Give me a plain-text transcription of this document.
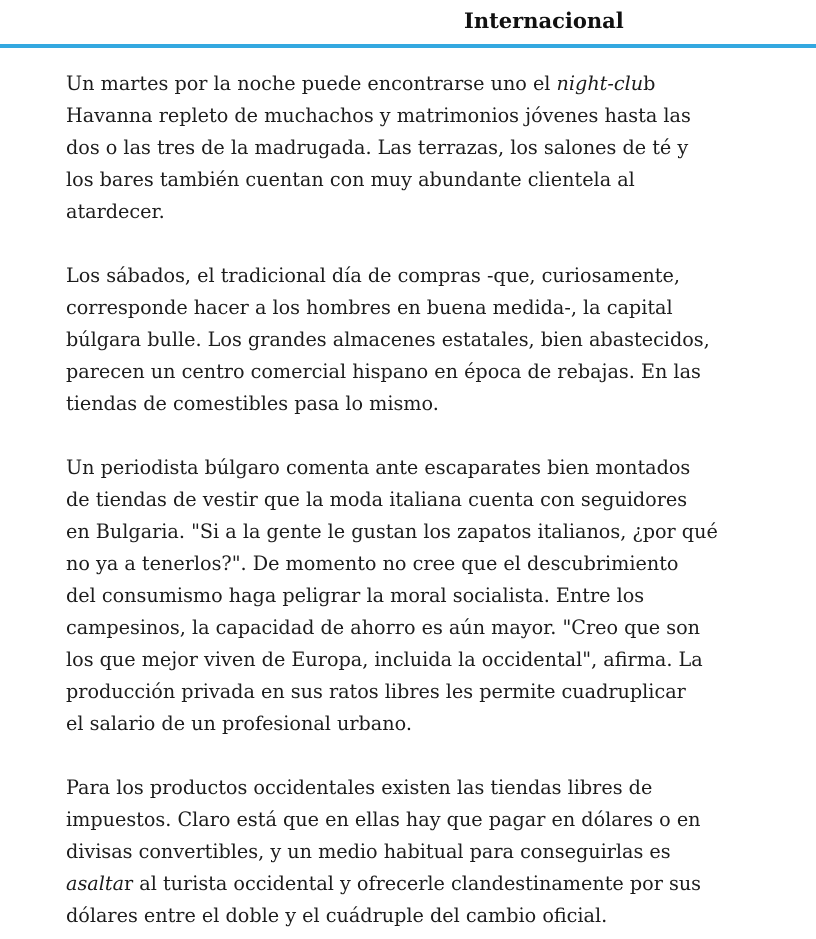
Internacional

Un martes por la noche puede encontrarse uno el night-club
Havanna repleto de muchachos y matrimonios jóvenes hasta las
dos o las tres de la madrugada. Las terrazas, los salones de té y
los bares también cuentan con muy abundante clientela al
atardecer.

Los sábados, el tradicional día de compras -que, curiosamente,
corresponde hacer a los hombres en buena medida-, la capital
búlgara bulle. Los grandes almacenes estatales, bien abastecidos,
parecen un centro comercial hispano en época de rebajas. En las
tiendas de comestibles pasa lo mismo.

Un periodista búlgaro comenta ante escaparates bien montados
de tiendas de vestir que la moda italiana cuenta con seguidores
en Bulgaria. "Si a la gente le gustan los zapatos italianos, ¿por qué
no ya a tenerlos?". De momento no cree que el descubrimiento
del consumismo haga peligrar la moral socialista. Entre los
campesinos, la capacidad de ahorro es aún mayor. "Creo que son
los que mejor viven de Europa, incluida la occidental", afirma. La
producción privada en sus ratos libres les permite cuadruplicar
el salario de un profesional urbano.

Para los productos occidentales existen las tiendas libres de
impuestos. Claro está que en ellas hay que pagar en dólares o en
divisas convertibles, y un medio habitual para conseguirlas es
asaltar al turista occidental y ofrecerle clandestinamente por sus
dólares entre el doble y el cuádruple del cambio oficial.
